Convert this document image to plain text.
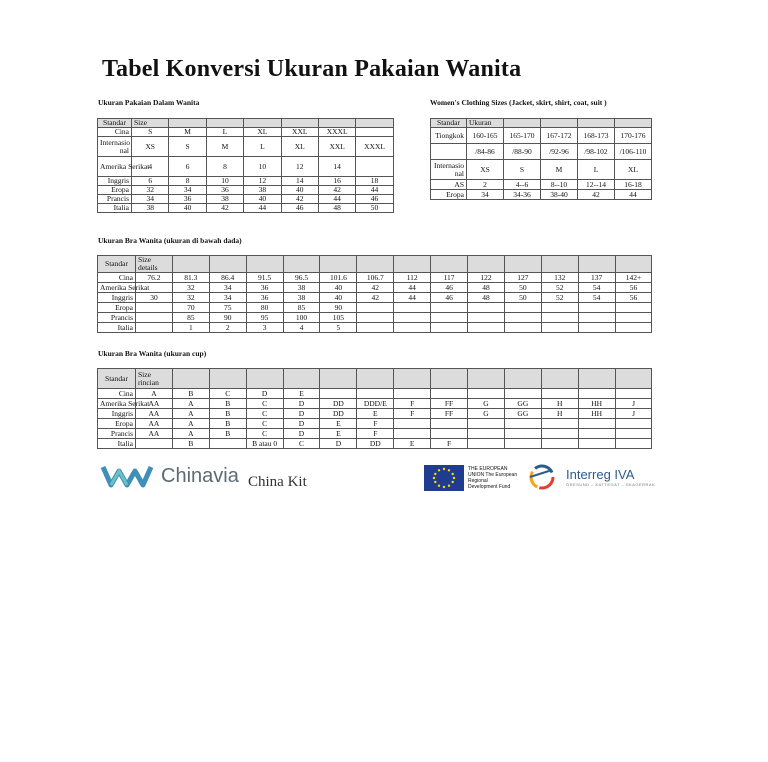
Tabel Konversi Ukuran Pakaian Wanita
Ukuran Pakaian Dalam Wanita	Women's Clothing Sizes (Jacket, skirt, shirt, coat, suit )
Standar	Size						
Cina	S	M	L	XL	XXL	XXXL	
Internasio nal	XS	S	M	L	XL	XXL	XXXL
Amerika Serikat	4	6	8	10	12	14	
Inggris	6	8	10	12	14	16	18
Eropa	32	34	36	38	40	42	44
Prancis	34	36	38	40	42	44	46
Italia	38	40	42	44	46	48	50
Standar	Ukuran				
Tiongkok	160-165	165-170	167-172	168-173	170-176
	/84-86	/88-90	/92-96	/98-102	/106-110
Internasio nal	XS	S	M	L	XL
AS	2	4--6	8--10	12--14	16-18
Eropa	34	34-36	38-40	42	44
Ukuran Bra Wanita (ukuran di bawah dada)
Standar	Size details													
Cina	76.2	81.3	86.4	91.5	96.5	101.6	106.7	112	117	122	127	132	137	142+
Amerika Serikat		32	34	36	38	40	42	44	46	48	50	52	54	56
Inggris	30	32	34	36	38	40	42	44	46	48	50	52	54	56
Eropa		70	75	80	85	90								
Prancis		85	90	95	100	105								
Italia		1	2	3	4	5								
Ukuran Bra Wanita (ukuran cup)
Standar	Size rincian													
Cina	A	B	C	D	E									
Amerika Serikat	AA	A	B	C	D	DD	DDD/E	F	FF	G	GG	H	HH	J
Inggris	AA	A	B	C	D	DD	E	F	FF	G	GG	H	HH	J
Eropa	AA	A	B	C	D	E	F							
Prancis	AA	A	B	C	D	E	F							
Italia		B		B atau 0	C	D	DD	E	F					
Chinavia China Kit
THE EUROPEAN UNION The European Regional Development Fund
Interreg IVA
ÖRESUND – KATTEGAT – SKAGERRAK
